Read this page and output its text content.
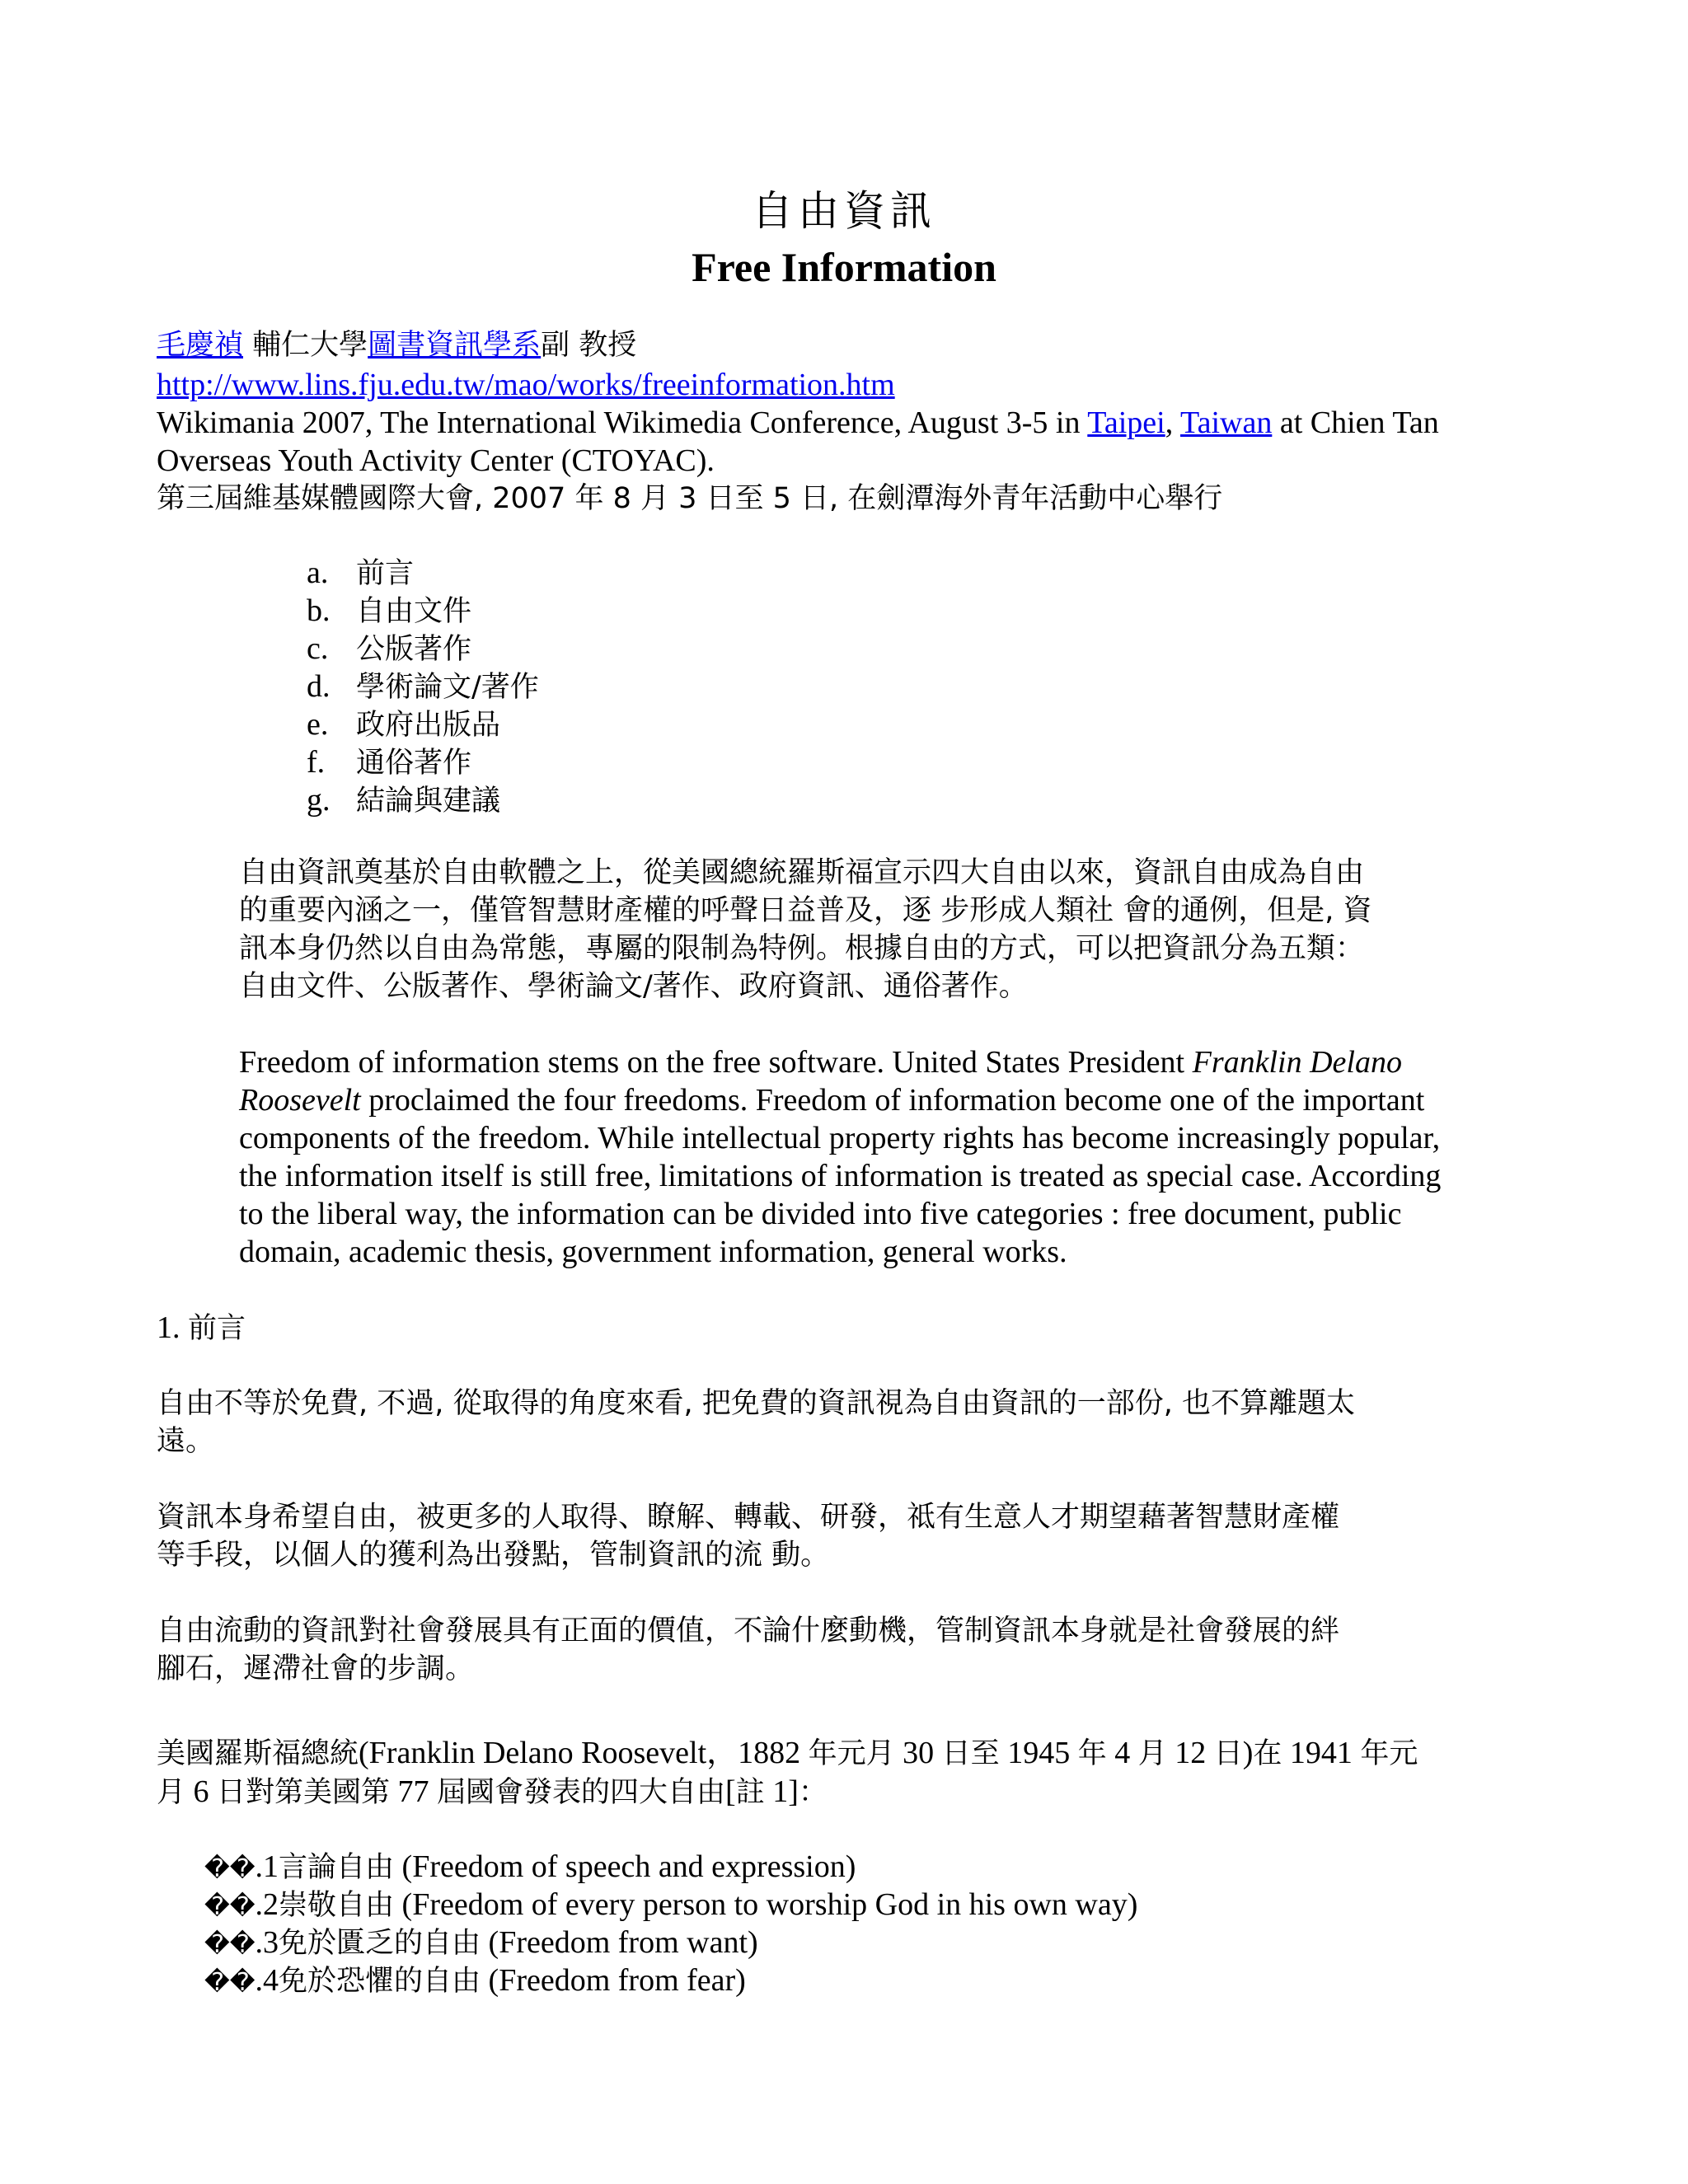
自由資訊
Free Information
毛慶禎 輔仁大學圖書資訊學系副 教授
http://www.lins.fju.edu.tw/mao/works/freeinformation.htm
Wikimania 2007, The International Wikimedia Conference, August 3-5 in Taipei, Taiwan at Chien Tan
Overseas Youth Activity Center (CTOYAC).
第三屆維基媒體國際大會, 2007 年 8 月 3 日至 5 日, 在劍潭海外青年活動中心舉行
a. 前言
b. 自由文件
c. 公版著作
d. 學術論文/著作
e. 政府出版品
f. 通俗著作
g. 結論與建議
自由資訊奠基於自由軟體之上，從美國總統羅斯福宣示四大自由以來，資訊自由成為自由
的重要內涵之一，僅管智慧財產權的呼聲日益普及，逐 步形成人類社 會的通例，但是, 資
訊本身仍然以自由為常態，專屬的限制為特例。根據自由的方式，可以把資訊分為五類：
自由文件、公版著作、學術論文/著作、政府資訊、通俗著作。
Freedom of information stems on the free software. United States President Franklin Delano
Roosevelt proclaimed the four freedoms. Freedom of information become one of the important
components of the freedom. While intellectual property rights has become increasingly popular,
the information itself is still free, limitations of information is treated as special case. According
to the liberal way, the information can be divided into five categories : free document, public
domain, academic thesis, government information, general works.
1. 前言
自由不等於免費, 不過, 從取得的角度來看, 把免費的資訊視為自由資訊的一部份, 也不算離題太
遠。
資訊本身希望自由，被更多的人取得、瞭解、轉載、研發，祗有生意人才期望藉著智慧財產權
等手段，以個人的獲利為出發點，管制資訊的流 動。
自由流動的資訊對社會發展具有正面的價值，不論什麼動機，管制資訊本身就是社會發展的絆
腳石，遲滯社會的步調。
美國羅斯福總統(Franklin Delano Roosevelt，1882 年元月 30 日至 1945 年 4 月 12 日)在 1941 年元
月 6 日對第美國第 77 屆國會發表的四大自由[註 1]：
��.1言論自由 (Freedom of speech and expression)
��.2崇敬自由 (Freedom of every person to worship God in his own way)
��.3免於匱乏的自由 (Freedom from want)
��.4免於恐懼的自由 (Freedom from fear)
